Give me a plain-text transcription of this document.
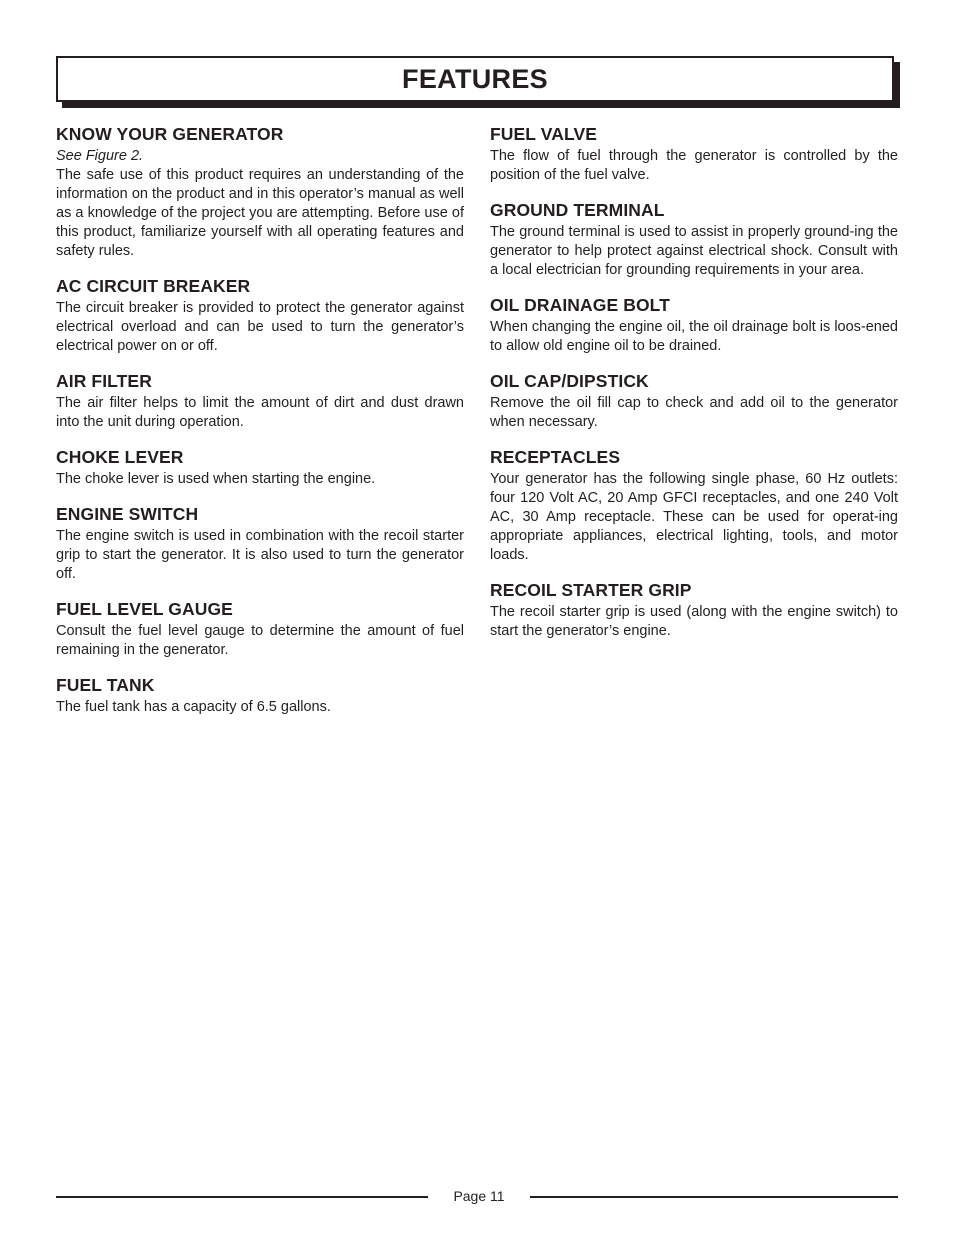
FEATURES
KNOW YOUR GENERATOR
See Figure 2.

The safe use of this product requires an understanding of the information on the product and in this operator’s manual as well as a knowledge of the project you are attempting. Before use of this product, familiarize yourself with all operating features and safety rules.

AC CIRCUIT BREAKER

The circuit breaker is provided to protect the generator against electrical overload and can be used to turn the generator’s electrical power on or off.

AIR FILTER

The air filter helps to limit the amount of dirt and dust drawn into the unit during operation.

CHOKE LEVER

The choke lever is used when starting the engine.

ENGINE SWITCH

The engine switch is used in combination with the recoil starter grip to start the generator. It is also used to turn the generator off.

FUEL LEVEL GAUGE

Consult the fuel level gauge to determine the amount of fuel remaining in the generator.

FUEL TANK

The fuel tank has a capacity of 6.5 gallons.

FUEL VALVE

The flow of fuel through the generator is controlled by the position of the fuel valve.

GROUND TERMINAL

The ground terminal is used to assist in properly ground-ing the generator to help protect against electrical shock. Consult with a local electrician for grounding requirements in your area.

OIL DRAINAGE BOLT

When changing the engine oil, the oil drainage bolt is loos-ened to allow old engine oil to be drained.

OIL CAP/DIPSTICK

Remove the oil fill cap to check and add oil to the generator when necessary.

RECEPTACLES

Your generator has the following single phase, 60 Hz outlets: four 120 Volt AC, 20 Amp GFCI receptacles, and one 240 Volt AC, 30 Amp receptacle. These can be used for operat-ing appropriate appliances, electrical lighting, tools, and motor loads.

RECOIL STARTER GRIP

The recoil starter grip is used (along with the engine switch) to start the generator’s engine.

Page 11
